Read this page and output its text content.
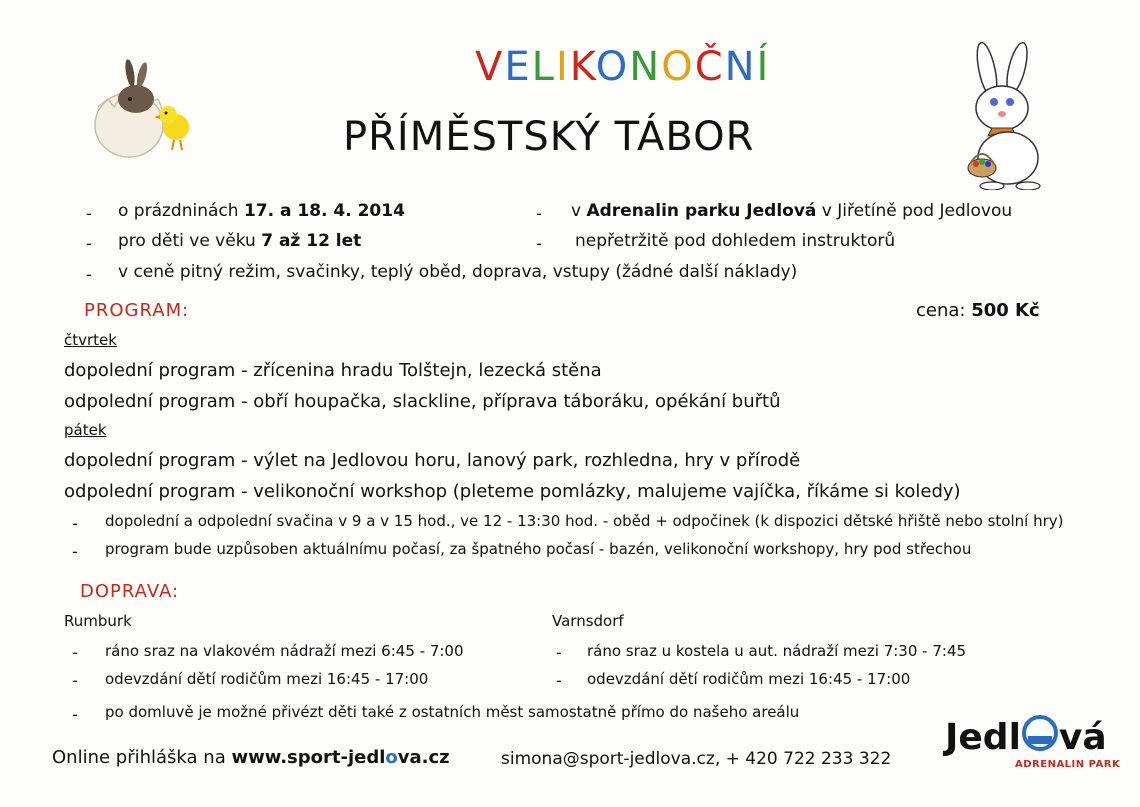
VELIKONOČNÍ
PŘÍMĚSTSKÝ TÁBOR
- o prázdninách 17. a 18. 4. 2014	- v Adrenalin parku Jedlová v Jiřetíně pod Jedlovou
- pro děti ve věku 7 až 12 let	- nepřetržitě pod dohledem instruktorů
- v ceně pitný režim, svačinky, teplý oběd, doprava, vstupy (žádné další náklady)
PROGRAM:	cena: 500 Kč
čtvrtek
dopolední program - zřícenina hradu Tolštejn, lezecká stěna
odpolední program - obří houpačka, slackline, příprava táboráku, opékání buřtů
pátek
dopolední program - výlet na Jedlovou horu, lanový park, rozhledna, hry v přírodě
odpolední program - velikonoční workshop (pleteme pomlázky, malujeme vajíčka, říkáme si koledy)
- dopolední a odpolední svačina v 9 a v 15 hod., ve 12 - 13:30 hod. - oběd + odpočinek (k dispozici dětské hřiště nebo stolní hry)
- program bude uzpůsoben aktuálnímu počasí, za špatného počasí - bazén, velikonoční workshopy, hry pod střechou
DOPRAVA:
Rumburk
- ráno sraz na vlakovém nádraží mezi 6:45 - 7:00
- odevzdání dětí rodičům mezi 16:45 - 17:00
Varnsdorf
- ráno sraz u kostela u aut. nádraží mezi 7:30 - 7:45
- odevzdání dětí rodičům mezi 16:45 - 17:00
- po domluvě je možné přivézt děti také z ostatních měst samostatně přímo do našeho areálu
Online přihláška na www.sport-jedlova.cz	simona@sport-jedlova.cz, + 420 722 233 322
Jedl vá
ADRENALIN PARK
